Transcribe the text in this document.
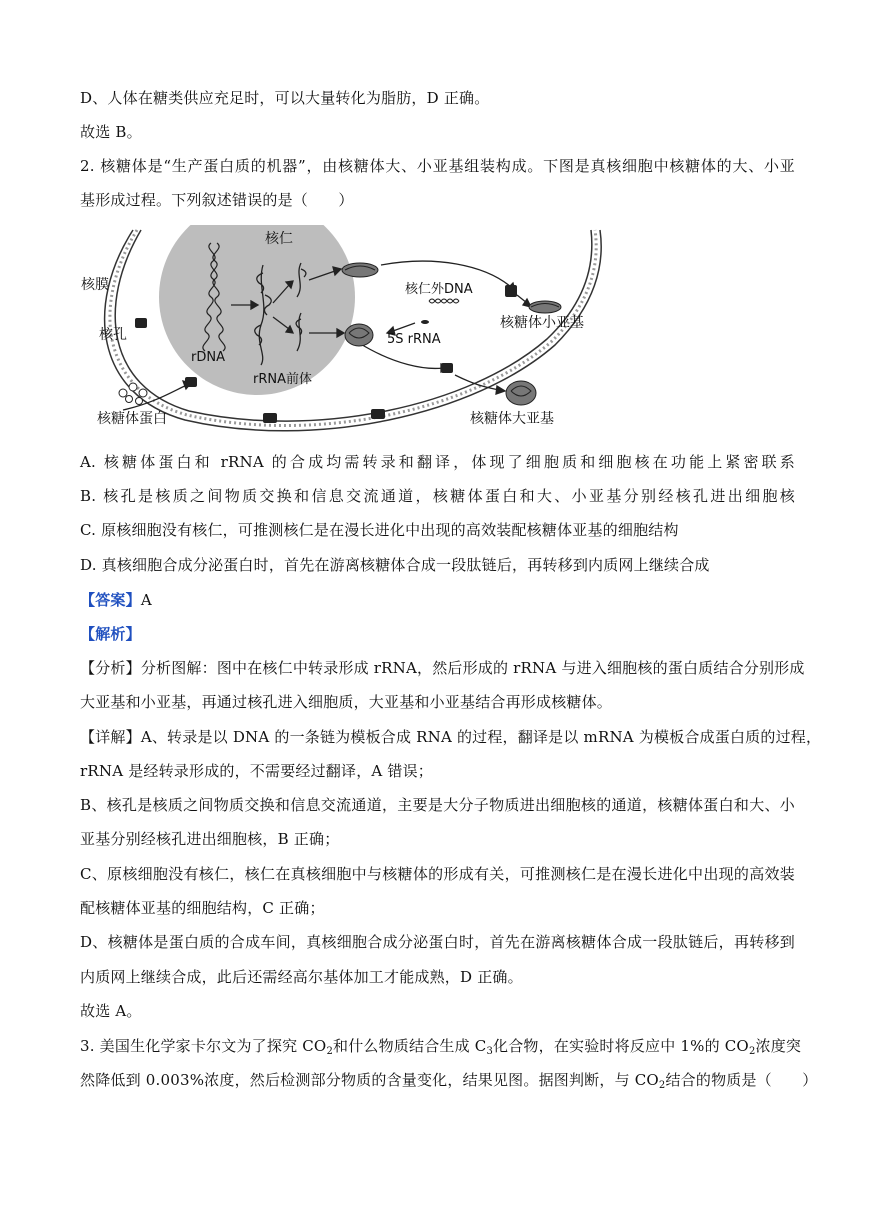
D、人体在糖类供应充足时，可以大量转化为脂肪，D 正确。
故选 B。
2. 核糖体是“生产蛋白质的机器”，由核糖体大、小亚基组装构成。下图是真核细胞中核糖体的大、小亚
基形成过程。下列叙述错误的是（　　）
核仁
核膜
核孔
rDNA
rRNA前体
核仁外DNA
5S rRNA
核糖体小亚基
核糖体大亚基
核糖体蛋白
A. 核糖体蛋白和 rRNA 的合成均需转录和翻译，体现了细胞质和细胞核在功能上紧密联系
B. 核孔是核质之间物质交换和信息交流通道，核糖体蛋白和大、小亚基分别经核孔进出细胞核
C. 原核细胞没有核仁，可推测核仁是在漫长进化中出现的高效装配核糖体亚基的细胞结构
D. 真核细胞合成分泌蛋白时，首先在游离核糖体合成一段肽链后，再转移到内质网上继续合成
【答案】A
【解析】
【分析】分析图解：图中在核仁中转录形成 rRNA，然后形成的 rRNA 与进入细胞核的蛋白质结合分别形成
大亚基和小亚基，再通过核孔进入细胞质，大亚基和小亚基结合再形成核糖体。
【详解】A、转录是以 DNA 的一条链为模板合成 RNA 的过程，翻译是以 mRNA 为模板合成蛋白质的过程，
rRNA 是经转录形成的，不需要经过翻译，A 错误；
B、核孔是核质之间物质交换和信息交流通道，主要是大分子物质进出细胞核的通道，核糖体蛋白和大、小
亚基分别经核孔进出细胞核，B 正确；
C、原核细胞没有核仁，核仁在真核细胞中与核糖体的形成有关，可推测核仁是在漫长进化中出现的高效装
配核糖体亚基的细胞结构，C 正确；
D、核糖体是蛋白质的合成车间，真核细胞合成分泌蛋白时，首先在游离核糖体合成一段肽链后，再转移到
内质网上继续合成，此后还需经高尔基体加工才能成熟，D 正确。
故选 A。
3. 美国生化学家卡尔文为了探究 $CO_2$和什么物质结合生成 $C_3$化合物，在实验时将反应中 1%的 $CO_2$浓度突
然降低到 0.003%浓度，然后检测部分物质的含量变化，结果见图。据图判断，与 $CO_2$结合的物质是（　　）
